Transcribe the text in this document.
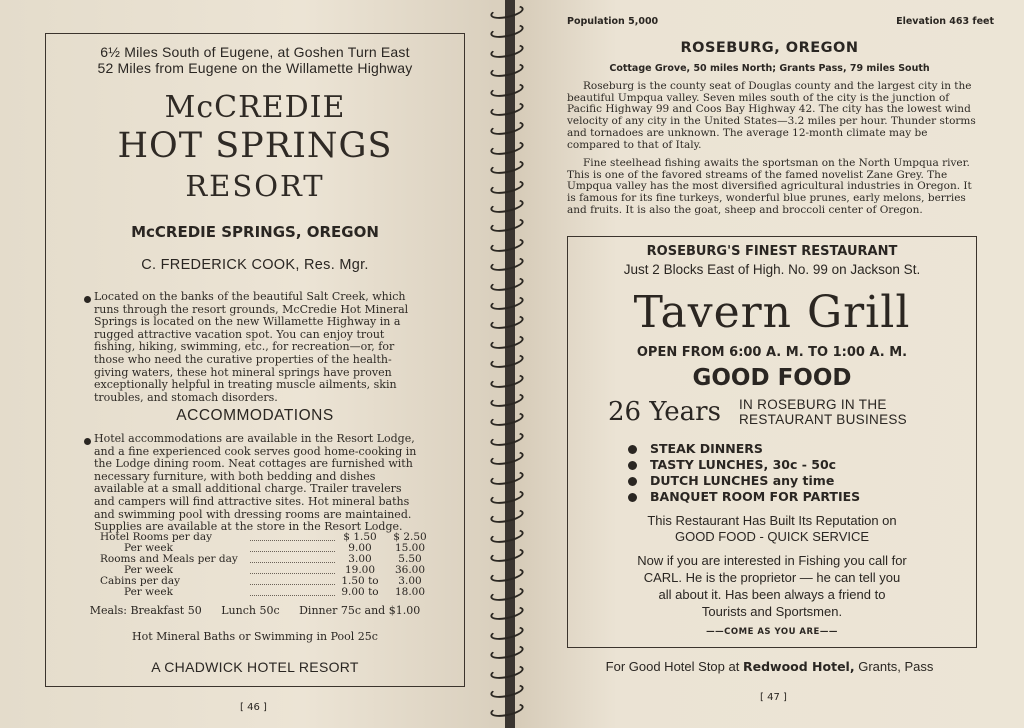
6½ Miles South of Eugene, at Goshen Turn East
52 Miles from Eugene on the Willamette Highway
McCREDIE
HOT SPRINGS
RESORT
McCREDIE SPRINGS, OREGON
C. FREDERICK COOK, Res. Mgr.
Located on the banks of the beautiful Salt Creek, which runs through the resort grounds, McCredie Hot Mineral Springs is located on the new Willamette Highway in a rugged attractive vacation spot. You can enjoy trout fishing, hiking, swimming, etc., for recreation—or, for those who need the curative properties of the health-giving waters, these hot mineral springs have proven exceptionally helpful in treating muscle ailments, skin troubles, and stomach disorders.
ACCOMMODATIONS
Hotel accommodations are available in the Resort Lodge, and a fine experienced cook serves good home-cooking in the Lodge dining room. Neat cottages are furnished with necessary furniture, with both bedding and dishes available at a small additional charge. Trailer travelers and campers will find attractive sites. Hot mineral baths and swimming pool with dressing rooms are maintained. Supplies are available at the store in the Resort Lodge.
Hotel Rooms per day	$ 1.50	$ 2.50
Per week	9.00	15.00
Rooms and Meals per day	3.00	5.50
Per week	19.00	36.00
Cabins per day	1.50 to	3.00
Per week	9.00 to	18.00
Meals: Breakfast 50 Lunch 50c Dinner 75c and $1.00
Hot Mineral Baths or Swimming in Pool 25c
A CHADWICK HOTEL RESORT
[ 46 ]
Population 5,000	Elevation 463 feet
ROSEBURG, OREGON
Cottage Grove, 50 miles North; Grants Pass, 79 miles South
Roseburg is the county seat of Douglas county and the largest city in the beautiful Umpqua valley. Seven miles south of the city is the junction of Pacific Highway 99 and Coos Bay Highway 42. The city has the lowest wind velocity of any city in the United States—3.2 miles per hour. Thunder storms and tornadoes are unknown. The average 12-month climate may be compared to that of Italy.
Fine steelhead fishing awaits the sportsman on the North Umpqua river. This is one of the favored streams of the famed novelist Zane Grey. The Umpqua valley has the most diversified agricultural industries in Oregon. It is famous for its fine turkeys, wonderful blue prunes, early melons, berries and fruits. It is also the goat, sheep and broccoli center of Oregon.
ROSEBURG'S FINEST RESTAURANT
Just 2 Blocks East of High. No. 99 on Jackson St.
Tavern Grill
OPEN FROM 6:00 A. M. TO 1:00 A. M.
GOOD FOOD
26 Years IN ROSEBURG IN THE
RESTAURANT BUSINESS
STEAK DINNERS
TASTY LUNCHES, 30c - 50c
DUTCH LUNCHES any time
BANQUET ROOM FOR PARTIES
This Restaurant Has Built Its Reputation on
GOOD FOOD - QUICK SERVICE
Now if you are interested in Fishing you call for
CARL. He is the proprietor — he can tell you
all about it. Has been always a friend to
Tourists and Sportsmen.
——COME AS YOU ARE——
For Good Hotel Stop at Redwood Hotel, Grants, Pass
[ 47 ]
